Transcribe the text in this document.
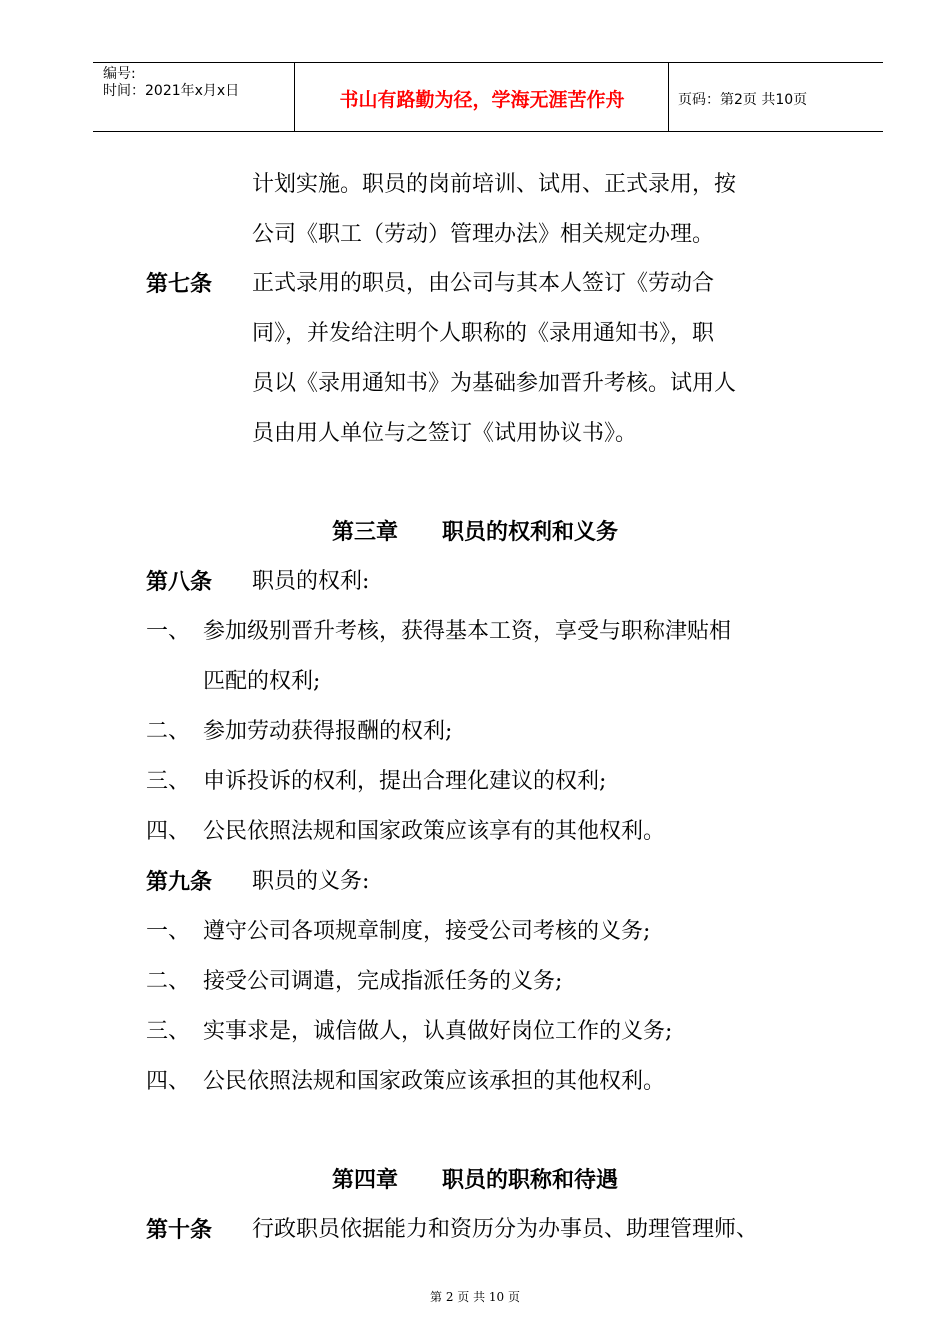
编号:
时间：2021年x月x日	书山有路勤为径，学海无涯苦作舟	页码：第2页 共10页
计划实施。职员的岗前培训、试用、正式录用，按
公司《职工（劳动）管理办法》相关规定办理。
第七条 正式录用的职员，由公司与其本人签订《劳动合
同》，并发给注明个人职称的《录用通知书》，职
员以《录用通知书》为基础参加晋升考核。试用人
员由用人单位与之签订《试用协议书》。
第三章　　职员的权利和义务
第八条 职员的权利:
一、 参加级别晋升考核，获得基本工资，享受与职称津贴相
匹配的权利;
二、 参加劳动获得报酬的权利;
三、 申诉投诉的权利，提出合理化建议的权利;
四、 公民依照法规和国家政策应该享有的其他权利。
第九条 职员的义务:
一、 遵守公司各项规章制度，接受公司考核的义务;
二、 接受公司调遣，完成指派任务的义务;
三、 实事求是，诚信做人，认真做好岗位工作的义务;
四、 公民依照法规和国家政策应该承担的其他权利。
第四章　　职员的职称和待遇
第十条 行政职员依据能力和资历分为办事员、助理管理师、
第 2 页 共 10 页
